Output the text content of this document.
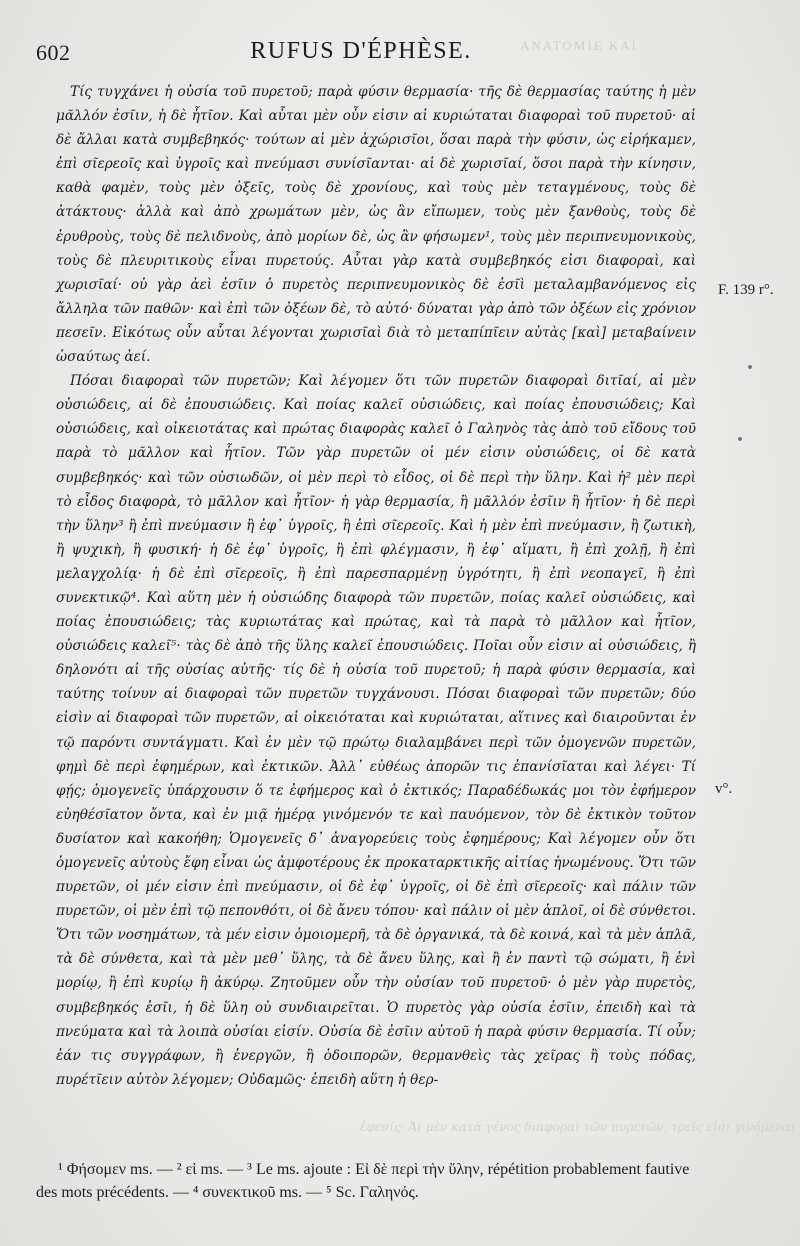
ANATOMIE KAI
602	RUFUS D'ÉPHÈSE.

Τίς τυγχάνει ἡ οὐσία τοῦ πυρετοῦ; παρὰ φύσιν θερμασία· τῆς δὲ θερμασίας ταύτης ἡ μὲν μᾶλλόν ἐσῖιν, ἡ δὲ ἧτῖον. Καὶ αὗται μὲν οὖν εἰσιν αἱ κυριώταται διαφοραὶ τοῦ πυρετοῦ· αἱ δὲ ἄλλαι κατὰ συμβεβηκός· τούτων αἱ μὲν ἀχώρισῖοι, ὅσαι παρὰ τὴν φύσιν, ὡς εἰρήκαμεν, ἐπὶ σῖερεοῖς καὶ ὑγροῖς καὶ πνεύμασι συνίσῖανται· αἱ δὲ χωρισῖαί, ὅσοι παρὰ τὴν κίνησιν, καθὰ φαμὲν, τοὺς μὲν ὀξεῖς, τοὺς δὲ χρονίους, καὶ τοὺς μὲν τεταγμένους, τοὺς δὲ ἀτάκτους· ἀλλὰ καὶ ἀπὸ χρωμάτων μὲν, ὡς ἂν εἴπωμεν, τοὺς μὲν ξανθοὺς, τοὺς δὲ ἐρυθροὺς, τοὺς δὲ πελιδνοὺς, ἀπὸ μορίων δὲ, ὡς ἂν φήσωμεν¹, τοὺς μὲν περιπνευμονικοὺς, τοὺς δὲ πλευριτικοὺς εἶναι πυρετούς. Αὗται γὰρ κατὰ συμβεβηκός εἰσι διαφοραὶ, καὶ χωρισῖαί· οὐ γὰρ ἀεὶ ἐσῖιν ὁ πυρετὸς περιπνευμονικὸς δὲ ἐσῖὶ μεταλαμβανόμενος εἰς ἄλληλα τῶν παθῶν· καὶ ἐπὶ τῶν ὀξέων δὲ, τὸ αὐτό· δύναται γὰρ ἀπὸ τῶν ὀξέων εἰς χρόνιον πεσεῖν. Εἰκότως οὖν αὗται λέγονται χωρισῖαὶ διὰ τὸ μεταπίπῖειν αὐτὰς [καὶ] μεταβαίνειν ὡσαύτως ἀεί.

Πόσαι διαφοραὶ τῶν πυρετῶν; Καὶ λέγομεν ὅτι τῶν πυρετῶν διαφοραὶ διτῖαί, αἱ μὲν οὐσιώδεις, αἱ δὲ ἐπουσιώδεις. Καὶ ποίας καλεῖ οὐσιώδεις, καὶ ποίας ἐπουσιώδεις; Καὶ οὐσιώδεις, καὶ οἰκειοτάτας καὶ πρώτας διαφορὰς καλεῖ ὁ Γαληνὸς τὰς ἀπὸ τοῦ εἴδους τοῦ παρὰ τὸ μᾶλλον καὶ ἧτῖον. Τῶν γὰρ πυρετῶν οἱ μέν εἰσιν οὐσιώδεις, οἱ δὲ κατὰ συμβεβηκός· καὶ τῶν οὐσιωδῶν, οἱ μὲν περὶ τὸ εἶδος, οἱ δὲ περὶ τὴν ὕλην. Καὶ ἡ² μὲν περὶ τὸ εἶδος διαφορὰ, τὸ μᾶλλον καὶ ἧτῖον· ἡ γὰρ θερμασία, ἢ μᾶλλόν ἐσῖιν ἢ ἧτῖον· ἡ δὲ περὶ τὴν ὕλην³ ἢ ἐπὶ πνεύμασιν ἢ ἐφ᾽ ὑγροῖς, ἢ ἐπὶ σῖερεοῖς. Καὶ ἡ μὲν ἐπὶ πνεύμασιν, ἢ ζωτικὴ, ἢ ψυχικὴ, ἢ φυσική· ἡ δὲ ἐφ᾽ ὑγροῖς, ἢ ἐπὶ φλέγμασιν, ἢ ἐφ᾽ αἵματι, ἢ ἐπὶ χολῇ, ἢ ἐπὶ μελαγχολίᾳ· ἡ δὲ ἐπὶ σῖερεοῖς, ἢ ἐπὶ παρεσπαρμένῃ ὑγρότητι, ἢ ἐπὶ νεοπαγεῖ, ἢ ἐπὶ συνεκτικῷ⁴. Καὶ αὕτη μὲν ἡ οὐσιώδης διαφορὰ τῶν πυρετῶν, ποίας καλεῖ οὐσιώδεις, καὶ ποίας ἐπουσιώδεις; τὰς κυριωτάτας καὶ πρώτας, καὶ τὰ παρὰ τὸ μᾶλλον καὶ ἧτῖον, οὐσιώδεις καλεῖ⁵· τὰς δὲ ἀπὸ τῆς ὕλης καλεῖ ἐπουσιώδεις. Ποῖαι οὖν εἰσιν αἱ οὐσιώδεις, ἢ δηλονότι αἱ τῆς οὐσίας αὐτῆς· τίς δὲ ἡ οὐσία τοῦ πυρετοῦ; ἡ παρὰ φύσιν θερμασία, καὶ ταύτης τοίνυν αἱ διαφοραὶ τῶν πυρετῶν τυγχάνουσι. Πόσαι διαφοραὶ τῶν πυρετῶν; δύο εἰσὶν αἱ διαφοραὶ τῶν πυρετῶν, αἱ οἰκειόταται καὶ κυριώταται, αἵτινες καὶ διαιροῦνται ἐν τῷ παρόντι συντάγματι. Καὶ ἐν μὲν τῷ πρώτῳ διαλαμβάνει περὶ τῶν ὁμογενῶν πυρετῶν, φημὶ δὲ περὶ ἐφημέρων, καὶ ἐκτικῶν. Ἀλλ᾽ εὐθέως ἀπορῶν τις ἐπανίσῖαται καὶ λέγει· Τί φῄς; ὁμογενεῖς ὑπάρχουσιν ὅ τε ἐφήμερος καὶ ὁ ἐκτικός; Παραδέδωκάς μοι τὸν ἐφήμερον εὐηθέσῖατον ὄντα, καὶ ἐν μιᾷ ἡμέρᾳ γινόμενόν τε καὶ παυόμενον, τὸν δὲ ἐκτικὸν τοῦτον δυσίατον καὶ κακοήθη; Ὁμογενεῖς δ᾽ ἀναγορεύεις τοὺς ἐφημέρους; Καὶ λέγομεν οὖν ὅτι ὁμογενεῖς αὐτοὺς ἔφη εἶναι ὡς ἀμφοτέρους ἐκ προκαταρκτικῆς αἰτίας ἡνωμένους. Ὅτι τῶν πυρετῶν, οἱ μέν εἰσιν ἐπὶ πνεύμασιν, οἱ δὲ ἐφ᾽ ὑγροῖς, οἱ δὲ ἐπὶ σῖερεοῖς· καὶ πάλιν τῶν πυρετῶν, οἱ μὲν ἐπὶ τῷ πεπονθότι, οἱ δὲ ἄνευ τόπου· καὶ πάλιν οἱ μὲν ἁπλοῖ, οἱ δὲ σύνθετοι. Ὅτι τῶν νοσημάτων, τὰ μέν εἰσιν ὁμοιομερῆ, τὰ δὲ ὀργανικά, τὰ δὲ κοινά, καὶ τὰ μὲν ἁπλᾶ, τὰ δὲ σύνθετα, καὶ τὰ μὲν μεθ᾽ ὕλης, τὰ δὲ ἄνευ ὕλης, καὶ ἢ ἐν παντὶ τῷ σώματι, ἢ ἑνὶ μορίῳ, ἢ ἐπὶ κυρίῳ ἢ ἀκύρῳ. Ζητοῦμεν οὖν τὴν οὐσίαν τοῦ πυρετοῦ· ὁ μὲν γὰρ πυρετὸς, συμβεβηκός ἐσῖι, ἡ δὲ ὕλη οὐ συνδιαιρεῖται. Ὁ πυρετὸς γὰρ οὐσία ἐσῖιν, ἐπειδὴ καὶ τὰ πνεύματα καὶ τὰ λοιπὰ οὐσίαι εἰσίν. Οὐσία δὲ ἐσῖιν αὐτοῦ ἡ παρὰ φύσιν θερμασία. Τί οὖν; ἐάν τις συγγράφων, ἢ ἐνεργῶν, ἢ ὁδοιπορῶν, θερμανθεὶς τὰς χεῖρας ἢ τοὺς πόδας, πυρέτῖειν αὐτὸν λέγομεν; Οὐδαμῶς· ἐπειδὴ αὕτη ἡ θερ-

F. 139 r°.
v°.
ἐφεσίς· Ἀι μὲν κατὰ γένος διαφοραὶ τῶν πυρετῶν, τρεῖς εἰσι γινόμεναι

¹ Φήσομεν ms. — ² εἰ ms. — ³ Le ms. ajoute : Εἰ δὲ περὶ τὴν ὕλην, répétition probablement fautive des mots précédents. — ⁴ συνεκτικοῦ ms. — ⁵ Sc. Γαληνός.
